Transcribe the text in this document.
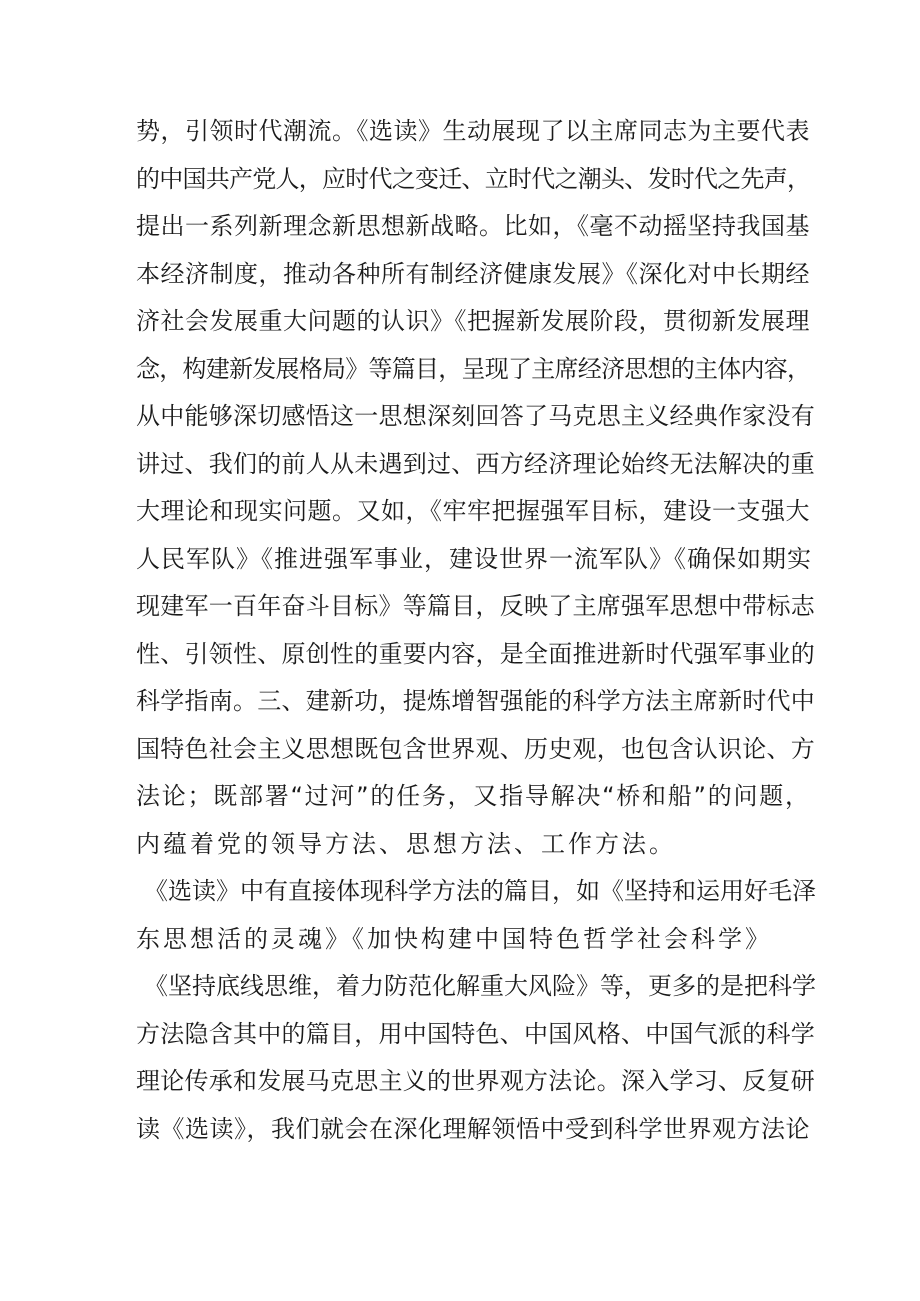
势，引领时代潮流。《选读》生动展现了以主席同志为主要代表
的中国共产党人，应时代之变迁、立时代之潮头、发时代之先声，
提出一系列新理念新思想新战略。比如，《毫不动摇坚持我国基
本经济制度，推动各种所有制经济健康发展》《深化对中长期经
济社会发展重大问题的认识》《把握新发展阶段，贯彻新发展理
念，构建新发展格局》等篇目，呈现了主席经济思想的主体内容，
从中能够深切感悟这一思想深刻回答了马克思主义经典作家没有
讲过、我们的前人从未遇到过、西方经济理论始终无法解决的重
大理论和现实问题。又如，《牢牢把握强军目标，建设一支强大
人民军队》《推进强军事业，建设世界一流军队》《确保如期实
现建军一百年奋斗目标》等篇目，反映了主席强军思想中带标志
性、引领性、原创性的重要内容，是全面推进新时代强军事业的
科学指南。三、建新功，提炼增智强能的科学方法主席新时代中
国特色社会主义思想既包含世界观、历史观，也包含认识论、方
法论；既部署“过河”的任务，又指导解决“桥和船”的问题，
内蕴着党的领导方法、思想方法、工作方法。
《选读》中有直接体现科学方法的篇目，如《坚持和运用好毛泽
东思想活的灵魂》《加快构建中国特色哲学社会科学》
《坚持底线思维，着力防范化解重大风险》等，更多的是把科学
方法隐含其中的篇目，用中国特色、中国风格、中国气派的科学
理论传承和发展马克思主义的世界观方法论。深入学习、反复研
读《选读》，我们就会在深化理解领悟中受到科学世界观方法论
